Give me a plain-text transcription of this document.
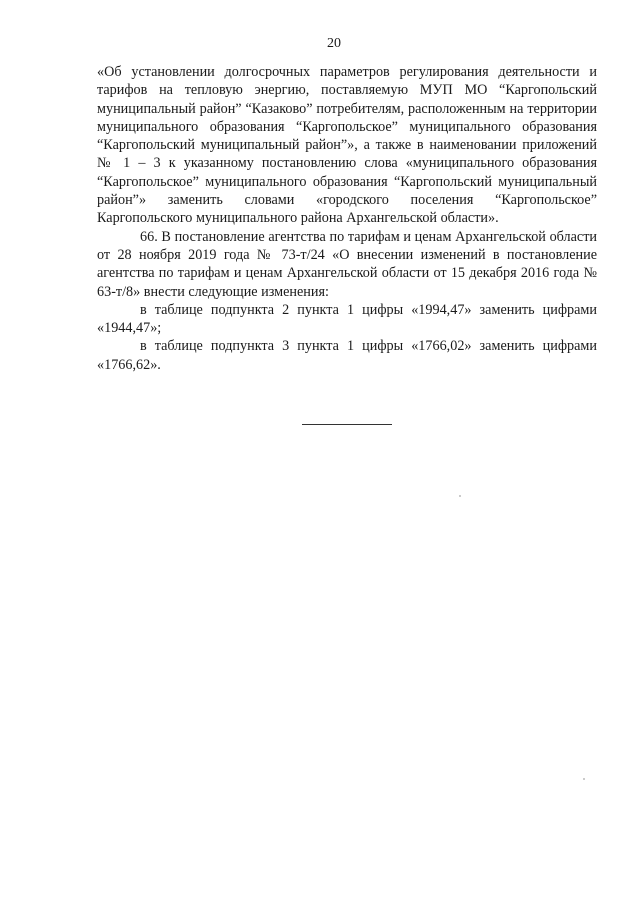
20

«Об установлении долгосрочных параметров регулирования деятельности и тарифов на тепловую энергию, поставляемую МУП МО “Каргопольский муниципальный район” “Казаково” потребителям, расположенным на территории муниципального образования “Каргопольское” муниципального образования “Каргопольский муниципальный район”», а также в наименовании приложений № 1 – 3 к указанному постановлению слова «муниципального образования “Каргопольское” муниципального образования “Каргопольский муниципальный район”» заменить словами «городского поселения “Каргопольское” Каргопольского муниципального района Архангельской области».

66. В постановление агентства по тарифам и ценам Архангельской области от 28 ноября 2019 года № 73-т/24 «О внесении изменений в постановление агентства по тарифам и ценам Архангельской области от 15 декабря 2016 года № 63-т/8» внести следующие изменения:

в таблице подпункта 2 пункта 1 цифры «1994,47» заменить цифрами «1944,47»;

в таблице подпункта 3 пункта 1 цифры «1766,02» заменить цифрами «1766,62».
